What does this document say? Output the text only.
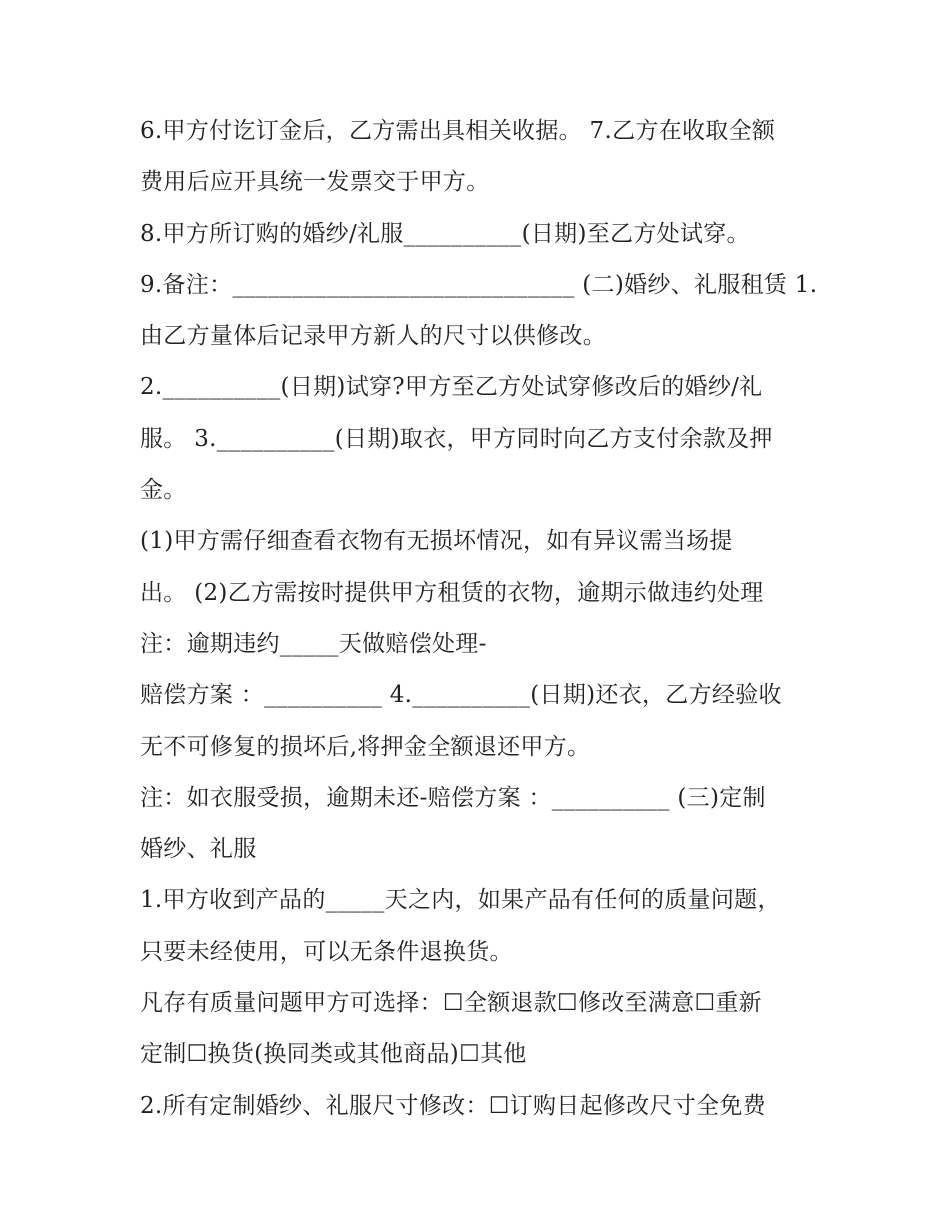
6.甲方付讫订金后，乙方需出具相关收据。 7.乙方在收取全额
费用后应开具统一发票交于甲方。
8.甲方所订购的婚纱/礼服__________(日期)至乙方处试穿。
9.备注：_____________________________ (二)婚纱、礼服租赁 1.
由乙方量体后记录甲方新人的尺寸以供修改。
2.__________(日期)试穿?甲方至乙方处试穿修改后的婚纱/礼
服。 3.__________(日期)取衣，甲方同时向乙方支付余款及押
金。
(1)甲方需仔细查看衣物有无损坏情况，如有异议需当场提
出。 (2)乙方需按时提供甲方租赁的衣物，逾期示做违约处理
注：逾期违约_____天做赔偿处理-
赔偿方案 ：__________ 4.__________(日期)还衣，乙方经验收
无不可修复的损坏后,将押金全额退还甲方。
注：如衣服受损，逾期未还-赔偿方案 ：__________ (三)定制
婚纱、礼服
1.甲方收到产品的_____天之内，如果产品有任何的质量问题，
只要未经使用，可以无条件退换货。
凡存有质量问题甲方可选择：☐全额退款☐修改至满意☐重新
定制☐换货(换同类或其他商品)☐其他
2.所有定制婚纱、礼服尺寸修改：☐订购日起修改尺寸全免费
